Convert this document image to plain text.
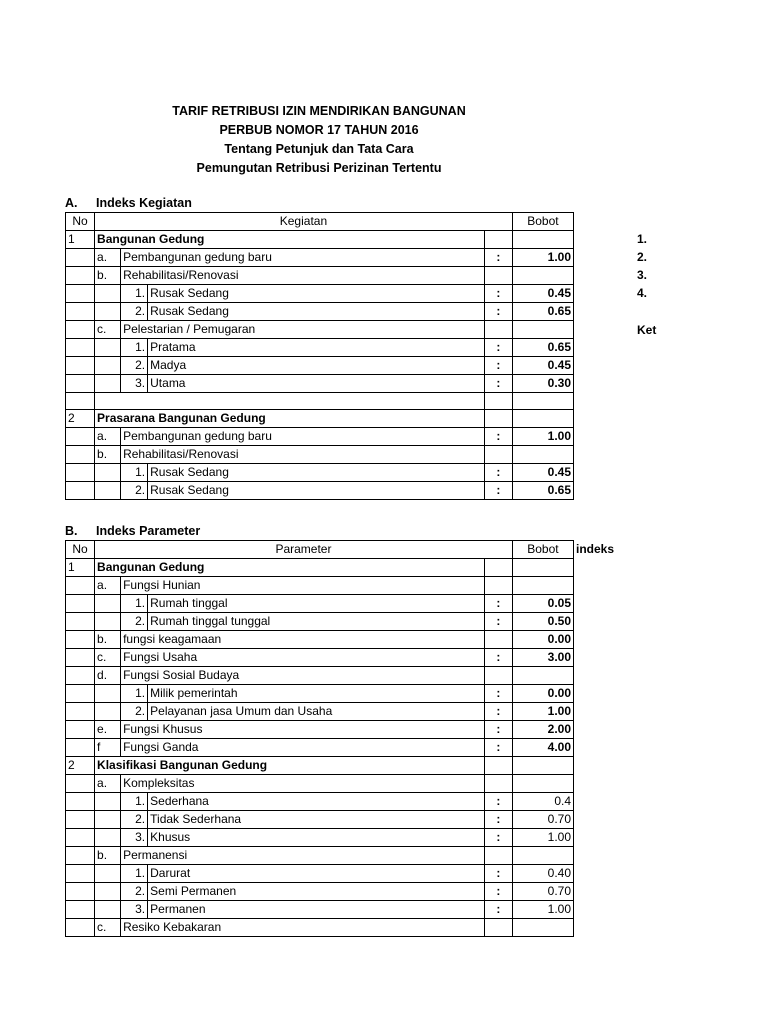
TARIF RETRIBUSI IZIN MENDIRIKAN BANGUNAN
PERBUB NOMOR 17 TAHUN 2016
Tentang Petunjuk dan Tata Cara
Pemungutan Retribusi Perizinan Tertentu
A. Indeks Kegiatan
No	Kegiatan				Bobot
1	Bangunan Gedung				
	a.	Pembangunan gedung baru		:	1.00
	b.	Rehabilitasi/Renovasi			
		1.	Rusak Sedang	:	0.45
		2.	Rusak Sedang	:	0.65
	c.	Pelestarian / Pemugaran			
		1.	Pratama	:	0.65
		2.	Madya	:	0.45
		3.	Utama	:	0.30

2	Prasarana Bangunan Gedung				
	a.	Pembangunan gedung baru		:	1.00
	b.	Rehabilitasi/Renovasi			
		1.	Rusak Sedang	:	0.45
		2.	Rusak Sedang	:	0.65
B. Indeks Parameter
indeks
No	Parameter				Bobot
1	Bangunan Gedung				
	a.	Fungsi Hunian			
		1.	Rumah tinggal	:	0.05
		2.	Rumah tinggal tunggal	:	0.50
	b.	fungsi keagamaan			0.00
	c.	Fungsi Usaha		:	3.00
	d.	Fungsi Sosial Budaya			
		1.	Milik pemerintah	:	0.00
		2.	Pelayanan jasa Umum dan Usaha	:	1.00
	e.	Fungsi Khusus		:	2.00
	f	Fungsi Ganda		:	4.00
2	Klasifikasi Bangunan Gedung				
	a.	Kompleksitas			
		1.	Sederhana	:	0.4
		2.	Tidak Sederhana	:	0.70
		3.	Khusus	:	1.00
	b.	Permanensi			
		1.	Darurat	:	0.40
		2.	Semi Permanen	:	0.70
		3.	Permanen	:	1.00
	c.	Resiko Kebakaran			
1.
2.
3.
4.
Ket
